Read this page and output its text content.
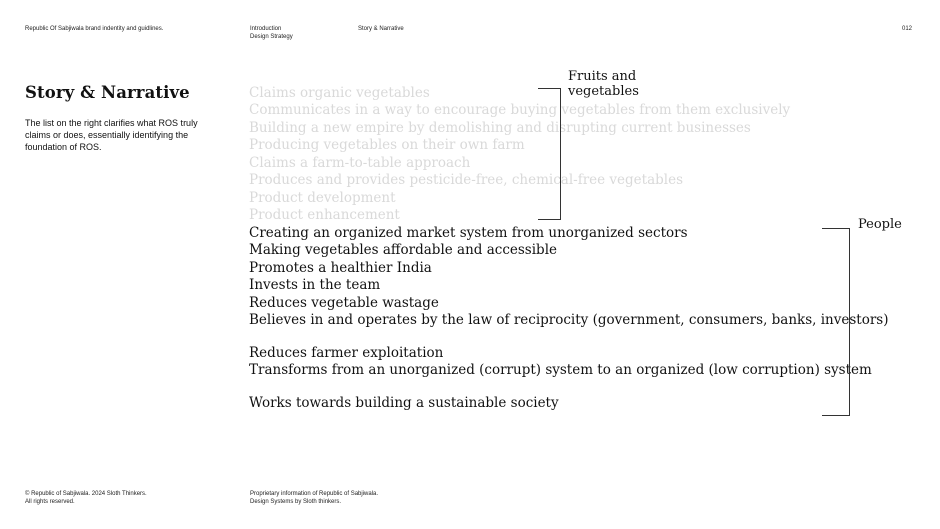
Republic Of Sabjiwala brand indentity and guidlines.	Introduction
Design Strategy
Story & Narrative	012
Story & Narrative

The list on the right clarifies what ROS truly claims or does, essentially identifying the foundation of ROS.

Claims organic vegetables
Communicates in a way to encourage buying vegetables from them exclusively
Building a new empire by demolishing and disrupting current businesses
Producing vegetables on their own farm
Claims a farm-to-table approach
Produces and provides pesticide-free, chemical-free vegetables
Product development
Product enhancement
Creating an organized market system from unorganized sectors
Making vegetables affordable and accessible
Promotes a healthier India
Invests in the team
Reduces vegetable wastage
Believes in and operates by the law of reciprocity (government, consumers, banks, investors)
Reduces farmer exploitation
Transforms from an unorganized (corrupt) system to an organized (low corruption) system
Works towards building a sustainable society
Fruits and vegetables
People
© Republic of Sabjiwala. 2024 Sloth Thinkers.
All rights reserved.
Proprietary information of Republic of Sabjiwala.
Design Systems by Sloth thinkers.
